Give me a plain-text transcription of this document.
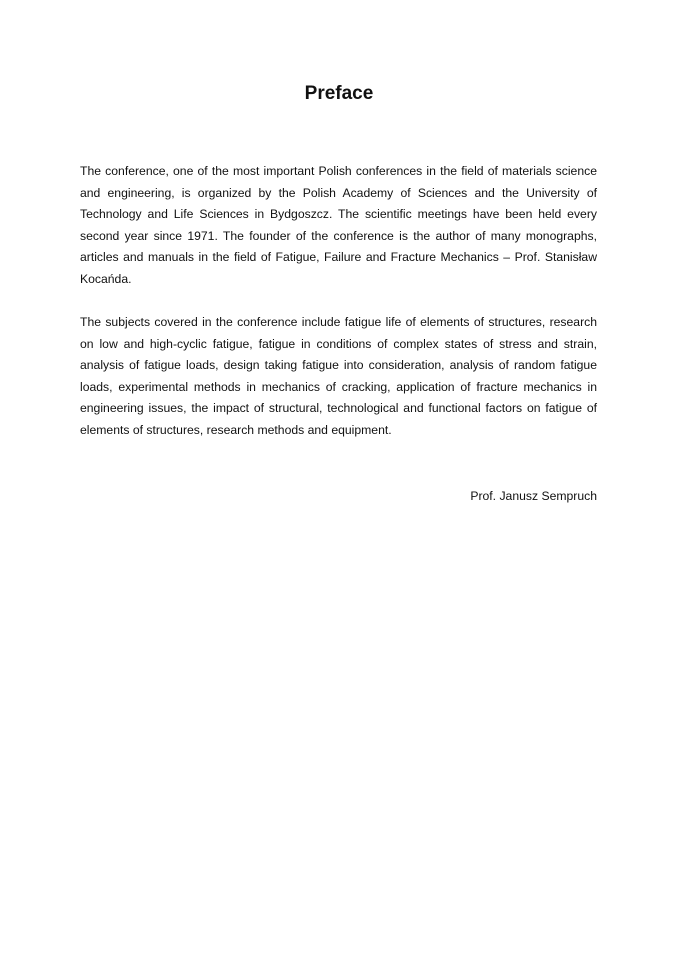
Preface

The conference, one of the most important Polish conferences in the field of materials science and engineering, is organized by the Polish Academy of Sciences and the University of Technology and Life Sciences in Bydgoszcz. The scientific meetings have been held every second year since 1971. The founder of the conference is the author of many monographs, articles and manuals in the field of Fatigue, Failure and Fracture Mechanics – Prof. Stanisław Kocańda.

The subjects covered in the conference include fatigue life of elements of structures, research on low and high-cyclic fatigue, fatigue in conditions of complex states of stress and strain, analysis of fatigue loads, design taking fatigue into consideration, analysis of random fatigue loads, experimental methods in mechanics of cracking, application of fracture mechanics in engineering issues, the impact of structural, technological and functional factors on fatigue of elements of structures, research methods and equipment.

Prof. Janusz Sempruch
